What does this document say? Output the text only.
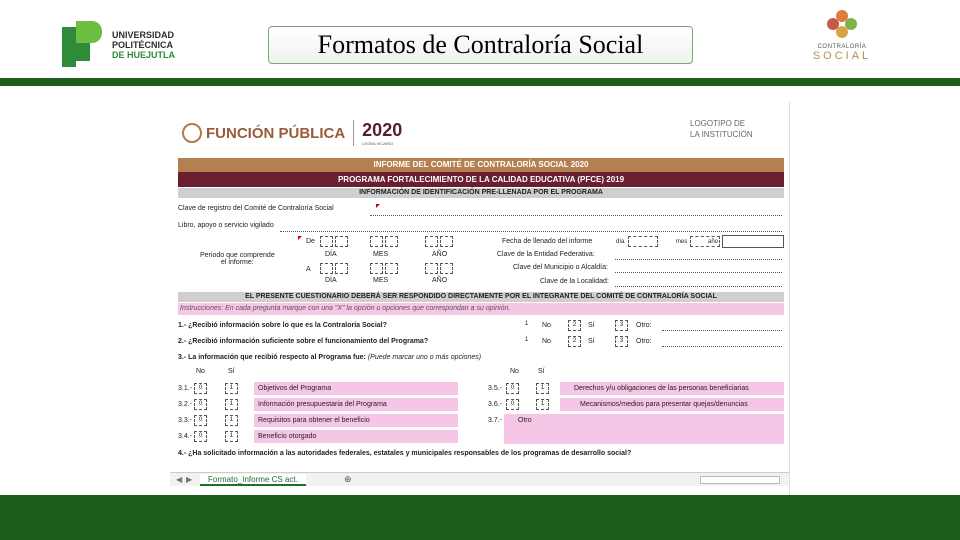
UNIVERSIDAD
POLITÉCNICA
DE HUEJUTLA	Formatos de Contraloría Social	CONTRALORÍA
SOCIAL
FUNCIÓN PÚBLICA 2020
LEONA VICARIO
LOGOTIPO DE
LA INSTITUCIÓN
INFORME DEL COMITÉ DE CONTRALORÍA SOCIAL 2020
PROGRAMA FORTALECIMIENTO DE LA CALIDAD EDUCATIVA (PFCE) 2019
INFORMACIÓN DE IDENTIFICACIÓN PRE-LLENADA POR EL PROGRAMA
Clave de registro del Comité de Contraloría Social
Libro, apoyo o servicio vigilado
Periodo que comprende
el informe:
De
DÍA	MES	AÑO
A
DÍA	MES	AÑO
Fecha de llenado del informe	día	mes	año
Clave de la Entidad Federativa:
Clave del Municipio o Alcaldía:
Clave de la Localidad:
EL PRESENTE CUESTIONARIO DEBERÁ SER RESPONDIDO DIRECTAMENTE POR EL INTEGRANTE DEL COMITÉ DE CONTRALORÍA SOCIAL
Instrucciones: En cada pregunta marque con una "X" la opción u opciones que correspondan a su opinión.
1.- ¿Recibió información sobre lo que es la Contraloría Social?	1	No	2	Sí	3	Otro:
2.- ¿Recibió información suficiente sobre el funcionamiento del Programa?	1	No	2	Sí	3	Otro:
3.- La información que recibió respecto al Programa fue: (Puede marcar uno o más opciones)
No	Sí	No	Sí
3.1.-	0	1	Objetivos del Programa
3.2.-	0	1	Información presupuestaria del Programa
3.3.-	0	1	Requisitos para obtener el beneficio
3.4.-	0	1	Beneficio otorgado
3.5.-	0	1	Derechos y/u obligaciones de las personas beneficiarias
3.6.-	0	1	Mecanismos/medios para presentar quejas/denuncias
3.7.- Otro
4.- ¿Ha solicitado información a las autoridades federales, estatales y municipales responsables de los programas de desarrollo social?
◀ ▶	Formato_Informe CS act.	⊕
